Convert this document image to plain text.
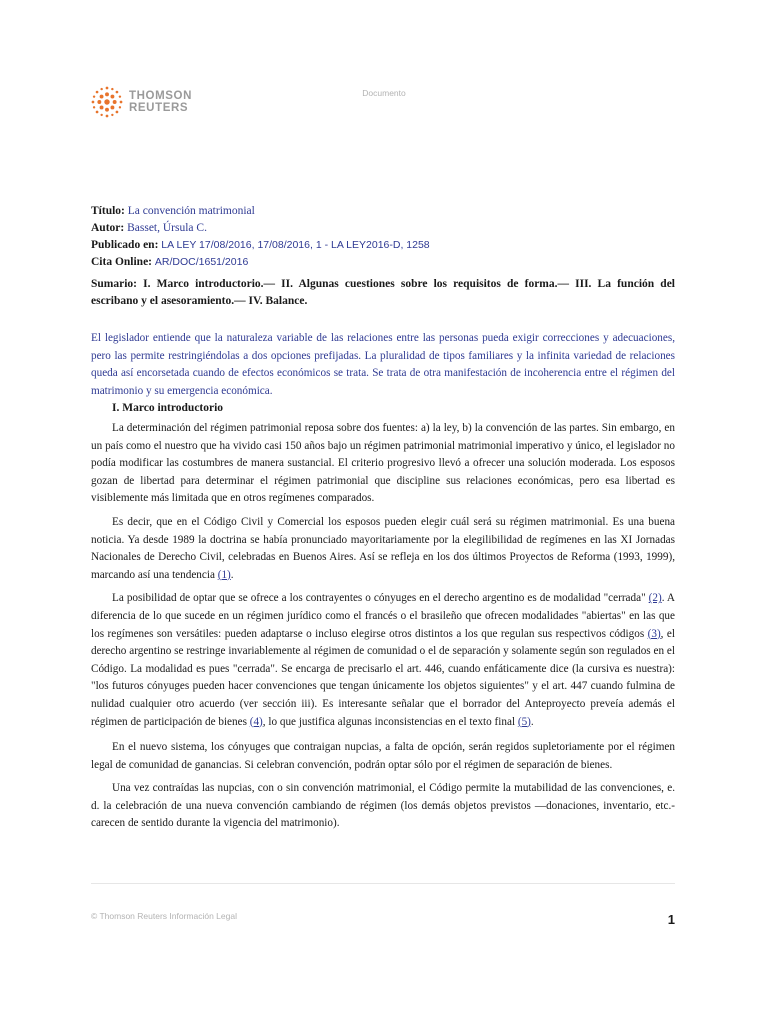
THOMSON
REUTERS
Documento
Título: La convención matrimonial
Autor: Basset, Úrsula C.
Publicado en: LA LEY 17/08/2016, 17/08/2016, 1 - LA LEY2016-D, 1258
Cita Online: AR/DOC/1651/2016
Sumario: I. Marco introductorio.— II. Algunas cuestiones sobre los requisitos de forma.— III. La función del escribano y el asesoramiento.— IV. Balance.
El legislador entiende que la naturaleza variable de las relaciones entre las personas pueda exigir correcciones y adecuaciones, pero las permite restringiéndolas a dos opciones prefijadas. La pluralidad de tipos familiares y la infinita variedad de relaciones queda así encorsetada cuando de efectos económicos se trata. Se trata de otra manifestación de incoherencia entre el régimen del matrimonio y su emergencia económica.
I. Marco introductorio

La determinación del régimen patrimonial reposa sobre dos fuentes: a) la ley, b) la convención de las partes. Sin embargo, en un país como el nuestro que ha vivido casi 150 años bajo un régimen patrimonial matrimonial imperativo y único, el legislador no podía modificar las costumbres de manera sustancial. El criterio progresivo llevó a ofrecer una solución moderada. Los esposos gozan de libertad para determinar el régimen patrimonial que discipline sus relaciones económicas, pero esa libertad es visiblemente más limitada que en otros regímenes comparados.

Es decir, que en el Código Civil y Comercial los esposos pueden elegir cuál será su régimen matrimonial. Es una buena noticia. Ya desde 1989 la doctrina se había pronunciado mayoritariamente por la elegilibilidad de regímenes en las XI Jornadas Nacionales de Derecho Civil, celebradas en Buenos Aires. Así se refleja en los dos últimos Proyectos de Reforma (1993, 1999), marcando así una tendencia (1).

La posibilidad de optar que se ofrece a los contrayentes o cónyuges en el derecho argentino es de modalidad "cerrada" (2). A diferencia de lo que sucede en un régimen jurídico como el francés o el brasileño que ofrecen modalidades "abiertas" en las que los regímenes son versátiles: pueden adaptarse o incluso elegirse otros distintos a los que regulan sus respectivos códigos (3), el derecho argentino se restringe invariablemente al régimen de comunidad o el de separación y solamente según son regulados en el Código. La modalidad es pues "cerrada". Se encarga de precisarlo el art. 446, cuando enfáticamente dice (la cursiva es nuestra): "los futuros cónyuges pueden hacer convenciones que tengan únicamente los objetos siguientes" y el art. 447 cuando fulmina de nulidad cualquier otro acuerdo (ver sección iii). Es interesante señalar que el borrador del Anteproyecto preveía además el régimen de participación de bienes (4), lo que justifica algunas inconsistencias en el texto final (5).

En el nuevo sistema, los cónyuges que contraigan nupcias, a falta de opción, serán regidos supletoriamente por el régimen legal de comunidad de ganancias. Si celebran convención, podrán optar sólo por el régimen de separación de bienes.

Una vez contraídas las nupcias, con o sin convención matrimonial, el Código permite la mutabilidad de las convenciones, e. d. la celebración de una nueva convención cambiando de régimen (los demás objetos previstos —donaciones, inventario, etc.- carecen de sentido durante la vigencia del matrimonio).

© Thomson Reuters Información Legal	1
